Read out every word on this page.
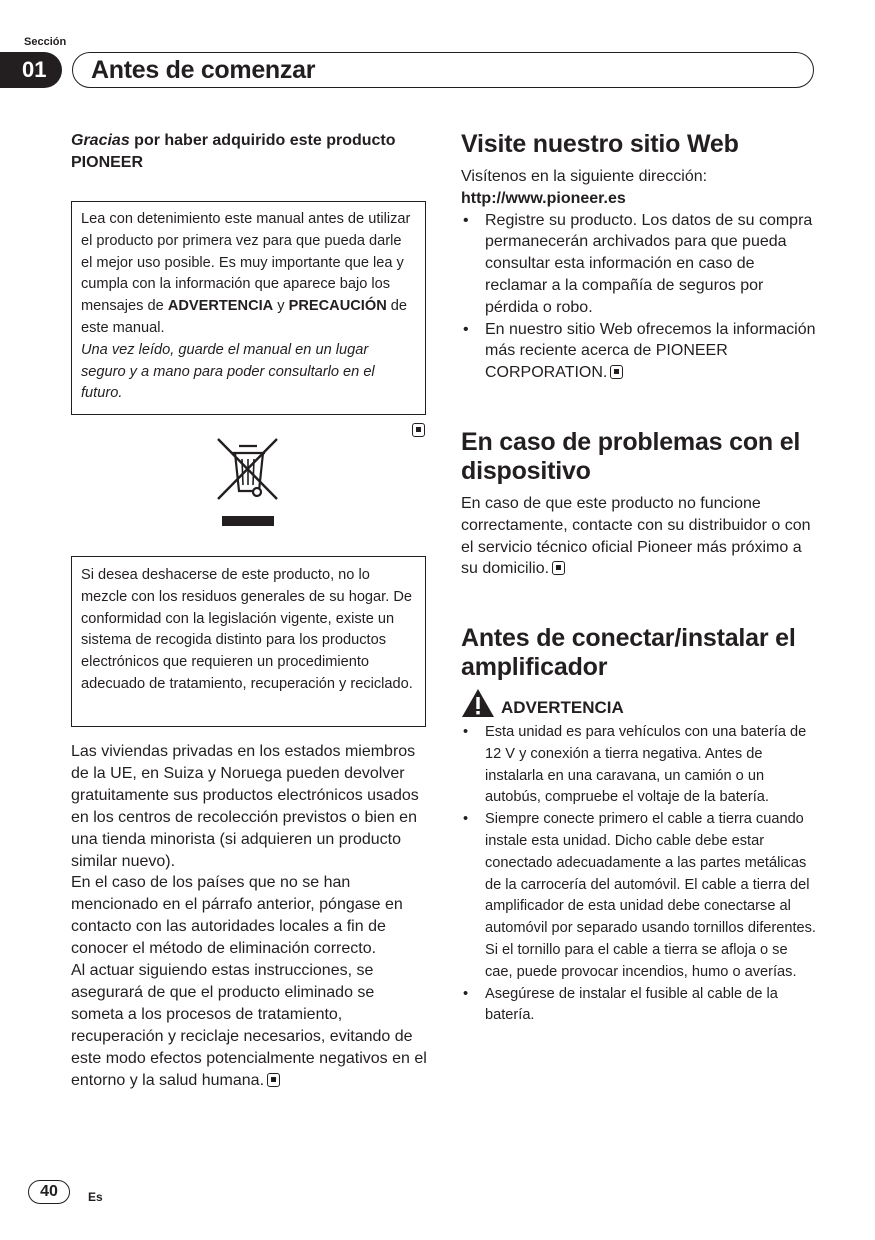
Sección
01	Antes de comenzar
Gracias por haber adquirido este producto
PIONEER
Lea con detenimiento este manual antes de utilizar el producto por primera vez para que pueda darle el mejor uso posible. Es muy importante que lea y cumpla con la información que aparece bajo los mensajes de ADVERTENCIA y PRECAUCIÓN de este manual.
Una vez leído, guarde el manual en un lugar seguro y a mano para poder consultarlo en el futuro.
Si desea deshacerse de este producto, no lo mezcle con los residuos generales de su hogar. De conformidad con la legislación vigente, existe un sistema de recogida distinto para los productos electrónicos que requieren un procedimiento adecuado de tratamiento, recuperación y reciclado.
Las viviendas privadas en los estados miembros de la UE, en Suiza y Noruega pueden devolver gratuitamente sus productos electrónicos usados en los centros de recolección previstos o bien en una tienda minorista (si adquieren un producto similar nuevo).
En el caso de los países que no se han mencionado en el párrafo anterior, póngase en contacto con las autoridades locales a fin de conocer el método de eliminación correcto.
Al actuar siguiendo estas instrucciones, se asegurará de que el producto eliminado se someta a los procesos de tratamiento, recuperación y reciclaje necesarios, evitando de este modo efectos potencialmente negativos en el entorno y la salud humana.
Visite nuestro sitio Web
Visítenos en la siguiente dirección:
http://www.pioneer.es
• Registre su producto. Los datos de su compra permanecerán archivados para que pueda consultar esta información en caso de reclamar a la compañía de seguros por pérdida o robo.
• En nuestro sitio Web ofrecemos la información más reciente acerca de PIONEER CORPORATION.
En caso de problemas con el dispositivo
En caso de que este producto no funcione correctamente, contacte con su distribuidor o con el servicio técnico oficial Pioneer más próximo a su domicilio.
Antes de conectar/instalar el amplificador
ADVERTENCIA
• Esta unidad es para vehículos con una batería de 12 V y conexión a tierra negativa. Antes de instalarla en una caravana, un camión o un autobús, compruebe el voltaje de la batería.
• Siempre conecte primero el cable a tierra cuando instale esta unidad. Dicho cable debe estar conectado adecuadamente a las partes metálicas de la carrocería del automóvil. El cable a tierra del amplificador de esta unidad debe conectarse al automóvil por separado usando tornillos diferentes. Si el tornillo para el cable a tierra se afloja o se cae, puede provocar incendios, humo o averías.
• Asegúrese de instalar el fusible al cable de la batería.
40	Es
